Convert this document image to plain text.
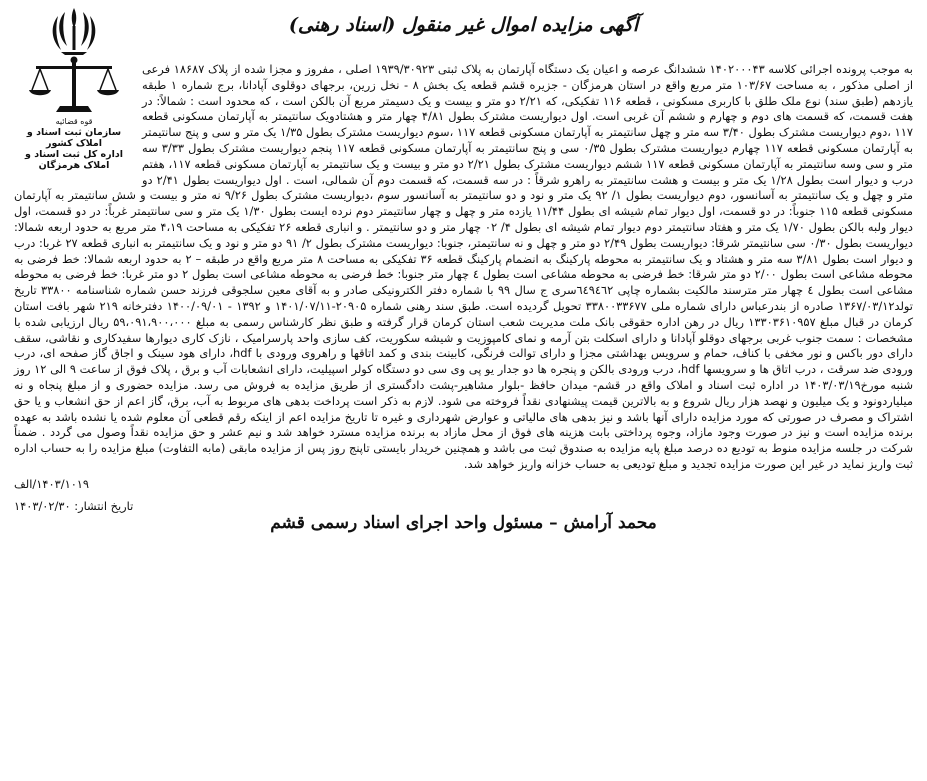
آگهی مزایده اموال غیر منقول (اسناد رهنی)
قوه قضائیه
سازمان ثبت اسناد و املاک کشور
اداره کل ثبت اسناد و املاک هرمزگان

به موجب پرونده اجرائی کلاسه ۱۴۰۲۰۰۰۴۳ ششدانگ عرصه و اعیان یک دستگاه آپارتمان به پلاک ثبتی ۱۹۳۹/۳۰۹۲۳ اصلی ، مفروز و مجزا شده از پلاک ۱۸۶۸۷ فرعی از اصلی مذکور ، به مساحت ۱۰۳/۶۷ متر مربع واقع در استان هرمزگان - جزیره قشم قطعه یک بخش ۸ - نخل زرین، برجهای دوقلوی آپادانا، برج شماره ۱ طبقه یازدهم (طبق سند) نوع ملک طلق با کاربری مسکونی ، قطعه ۱۱۶ تفکیکی، که ۲/۲۱ دو متر و بیست و یک دسیمتر مربع آن بالکن است ، که محدود است : شمالاً: در هفت قسمت، که قسمت های دوم و چهارم و ششم آن غربی است. اول دیواریست مشترک بطول ۴/۸۱ چهار متر و هشتادویک سانتیمتر به آپارتمان مسکونی قطعه ۱۱۷ ،دوم دیواریست مشترک بطول ۳/۴۰ سه متر و چهل سانتیمتر به آپارتمان مسکونی قطعه ۱۱۷ ،سوم دیواریست مشترک بطول ۱/۳۵ یک متر و سی و پنج سانتیمتر به آپارتمان مسکونی قطعه ۱۱۷ چهارم دیواریست مشترک بطول ۰/۳۵ سی و پنج سانتیمتر به آپارتمان مسکونی قطعه ۱۱۷ پنجم دیواریست مشترک بطول ۳/۳۳ سه متر و سی وسه سانتیمتر به آپارتمان مسکونی قطعه ۱۱۷ ششم دیواریست مشترک بطول ۲/۲۱ دو متر و بیست و یک سانتیمتر به آپارتمان مسکونی قطعه ۱۱۷، هفتم درب و دیوار است بطول ۱/۲۸ یک متر و بیست و هشت سانتیمتر به راهرو شرقاً : در سه قسمت، که قسمت دوم آن شمالی، است . اول دیواریست بطول ۲/۴۱ دو متر و چهل و یک سانتیمتر به آسانسور، دوم دیواریست بطول ۱/ ۹۲ یک متر و نود و دو سانتیمتر به آسانسور سوم ،دیواریست مشترک بطول ۹/۲۶ نه متر و بیست و شش سانتیمتر به آپارتمان مسکونی قطعه ۱۱۵ جنوباً: در دو قسمت، اول دیوار تمام شیشه ای بطول ۱۱/۴۴ یازده متر و چهل و چهار سانتیمتر دوم نرده ایست بطول ۱/۳۰ یک متر و سی سانتیمتر غرباً: در دو قسمت، اول دیوار ولبه بالکن بطول ۱/۷۰ یک متر و هفتاد سانتیمتر دوم دیوار تمام شیشه ای بطول ۴/ ۰۲ چهار متر و دو سانتیمتر . و انباری قطعه ۲۶ تفکیکی به مساحت ۴،۱۹ متر مربع به حدود اربعه شمالا: دیواریست بطول ۰/۳۰ سی سانتیمتر شرقا: دیواریست بطول ۲/۴۹ دو متر و چهل و نه سانتیمتر، جنوبا: دیواریست مشترک بطول ۲/ ۹۱ دو متر و نود و یک سانتیمتر به انباری قطعه ۲۷ غربا: درب و دیوار است بطول ۳/۸۱ سه متر و هشتاد و یک سانتیمتر به محوطه پارکینگ به انضمام پارکینگ قطعه ۳۶ تفکیکی به مساحت ۸ متر مربع واقع در طبقه – ۲ به حدود اربعه شمالا: خط فرضی به محوطه مشاعی است بطول ۲/۰۰ دو متر شرقا: خط فرضی به محوطه مشاعی است بطول ٤ چهار متر جنوبا: خط فرضی به محوطه مشاعی است بطول ۲ دو متر غربا: خط فرضی به محوطه مشاعی است بطول ٤ چهار متر مترسند مالکیت بشماره چاپی ٦٤٩٤٦٢سری ج سال ۹۹ با شماره دفتر الکترونیکی صادر و به آقای معین سلجوقی فرزند حسن شماره شناسنامه ۳۳۸۰۰ تاریخ تولد۱۳۶۷/۰۳/۱۲ صادره از بندرعباس دارای شماره ملی ۳۳۸۰۰۳۳۶۷۷ تحویل گردیده است. طبق سند رهنی شماره ۲۰۹۰۵-۱۴۰۱/۰۷/۱۱ و ۱۳۹۲ - ۱۴۰۰/۰۹/۰۱ دفترخانه ۲۱۹ شهر بافت استان کرمان در قبال مبلغ ۱۳۳۰۳۶۱۰۹۵۷ ریال در رهن اداره حقوقی بانک ملت مدیریت شعب استان کرمان قرار گرفته و طبق نظر کارشناس رسمی به مبلغ ۵۹،۰۹۱،۹۰۰،۰۰۰ ریال ارزیابی شده با مشخصات : سمت جنوب غربی برجهای دوقلو آپادانا و دارای اسکلت بتن آرمه و نمای کامپوزیت و شیشه سکوریت، کف سازی واحد پارسرامیک ، نازک کاری دیوارها سفیدکاری و نقاشی، سقف دارای دور باکس و نور مخفی با کناف، حمام و سرویس بهداشتی مجزا و دارای توالت فرنگی، کابینت بندی و کمد اتاقها و راهروی ورودی با hdf، دارای هود سینک و اجاق گاز صفحه ای، درب ورودی ضد سرقت ، درب اتاق ها و سرویسها hdf، درب ورودی بالکن و پنجره ها دو جدار یو پی وی سی دو دستگاه کولر اسپیلیت، دارای انشعابات آب و برق ، پلاک فوق از ساعت ۹ الی ۱۲ روز شنبه مورخ۱۴۰۳/۰۳/۱۹ در اداره ثبت اسناد و املاک واقع در قشم- میدان حافظ -بلوار مشاهیر-پشت دادگستری از طریق مزایده به فروش می رسد. مزایده حضوری و از مبلغ پنجاه و نه میلیاردونود و یک میلیون و نهصد هزار ریال شروع و به بالاترین قیمت پیشنهادی نقداً فروخته می شود. لازم به ذکر است پرداخت بدهی های مربوط به آب، برق، گاز اعم از حق انشعاب و یا حق اشتراک و مصرف در صورتی که مورد مزایده دارای آنها باشد و نیز بدهی های مالیاتی و عوارض شهرداری و غیره تا تاریخ مزایده اعم از اینکه رقم قطعی آن معلوم شده یا نشده باشد به عهده برنده مزایده است و نیز در صورت وجود مازاد، وجوه پرداختی بابت هزینه های فوق از محل مازاد به برنده مزایده مسترد خواهد شد و نیم عشر و حق مزایده نقداً وصول می گردد . ضمناً شرکت در جلسه مزایده منوط به تودیع ده درصد مبلغ پایه مزایده به صندوق ثبت می باشد و همچنین خریدار بایستی تاپنج روز پس از مزایده مابقی (مابه التفاوت) مبلغ مزایده را به حساب اداره ثبت واریز نماید در غیر این صورت مزایده تجدید و مبلغ تودیعی به حساب خزانه واریز خواهد شد.

۱۴۰۳/۱۰۱۹/الف
تاریخ انتشار: ۱۴۰۳/۰۲/۳۰
محمد آرامش – مسئول واحد اجرای اسناد رسمی قشم
